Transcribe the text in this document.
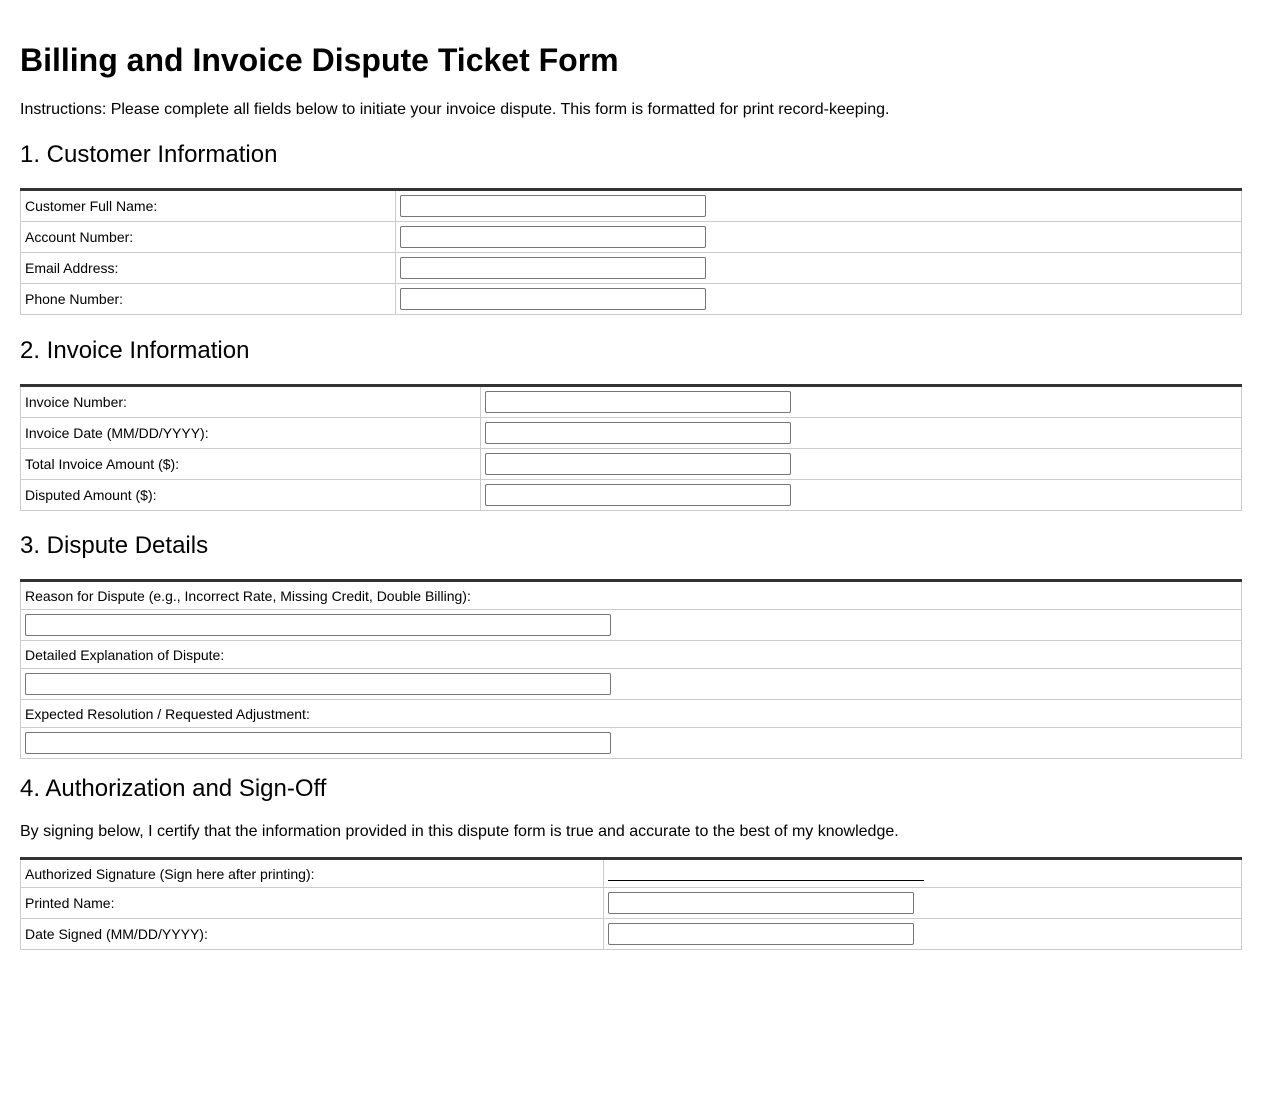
Billing and Invoice Dispute Ticket Form

Instructions: Please complete all fields below to initiate your invoice dispute. This form is formatted for print record-keeping.

1. Customer Information
Customer Full Name:	

Account Number:	

Email Address:	

Phone Number:	
2. Invoice Information
Invoice Number:	

Invoice Date (MM/DD/YYYY):	

Total Invoice Amount ($):	

Disputed Amount ($):	
3. Dispute Details
Reason for Dispute (e.g., Incorrect Rate, Missing Credit, Double Billing):

Detailed Explanation of Dispute:

Expected Resolution / Requested Adjustment:

4. Authorization and Sign-Off

By signing below, I certify that the information provided in this dispute form is true and accurate to the best of my knowledge.

Authorized Signature (Sign here after printing):	

Printed Name:	

Date Signed (MM/DD/YYYY):	
